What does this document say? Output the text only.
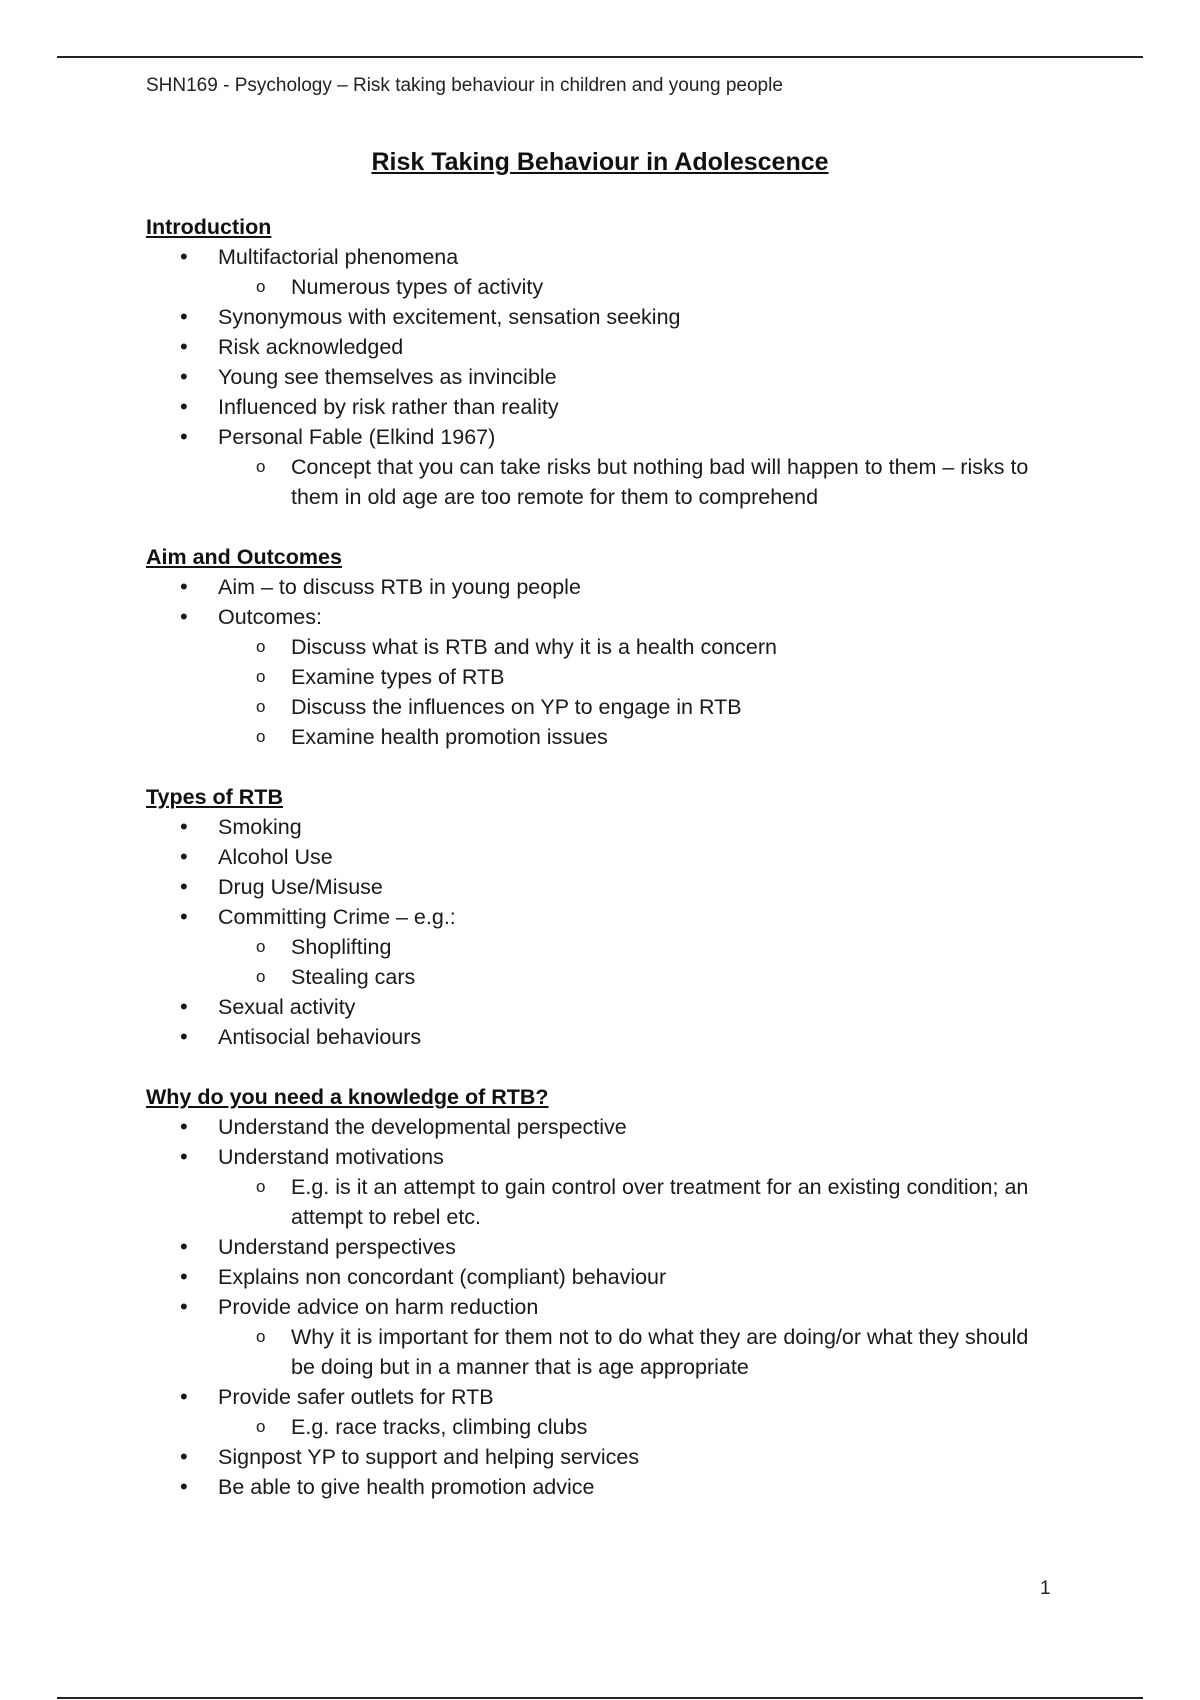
SHN169 - Psychology – Risk taking behaviour in children and young people
Risk Taking Behaviour in Adolescence
Introduction
• Multifactorial phenomena
o Numerous types of activity
• Synonymous with excitement, sensation seeking
• Risk acknowledged
• Young see themselves as invincible
• Influenced by risk rather than reality
• Personal Fable (Elkind 1967)
o Concept that you can take risks but nothing bad will happen to them – risks to them in old age are too remote for them to comprehend
Aim and Outcomes
• Aim – to discuss RTB in young people
• Outcomes:
o Discuss what is RTB and why it is a health concern
o Examine types of RTB
o Discuss the influences on YP to engage in RTB
o Examine health promotion issues
Types of RTB
• Smoking
• Alcohol Use
• Drug Use/Misuse
• Committing Crime – e.g.:
o Shoplifting
o Stealing cars
• Sexual activity
• Antisocial behaviours
Why do you need a knowledge of RTB?
• Understand the developmental perspective
• Understand motivations
o E.g. is it an attempt to gain control over treatment for an existing condition; an attempt to rebel etc.
• Understand perspectives
• Explains non concordant (compliant) behaviour
• Provide advice on harm reduction
o Why it is important for them not to do what they are doing/or what they should be doing but in a manner that is age appropriate
• Provide safer outlets for RTB
o E.g. race tracks, climbing clubs
• Signpost YP to support and helping services
• Be able to give health promotion advice
1
